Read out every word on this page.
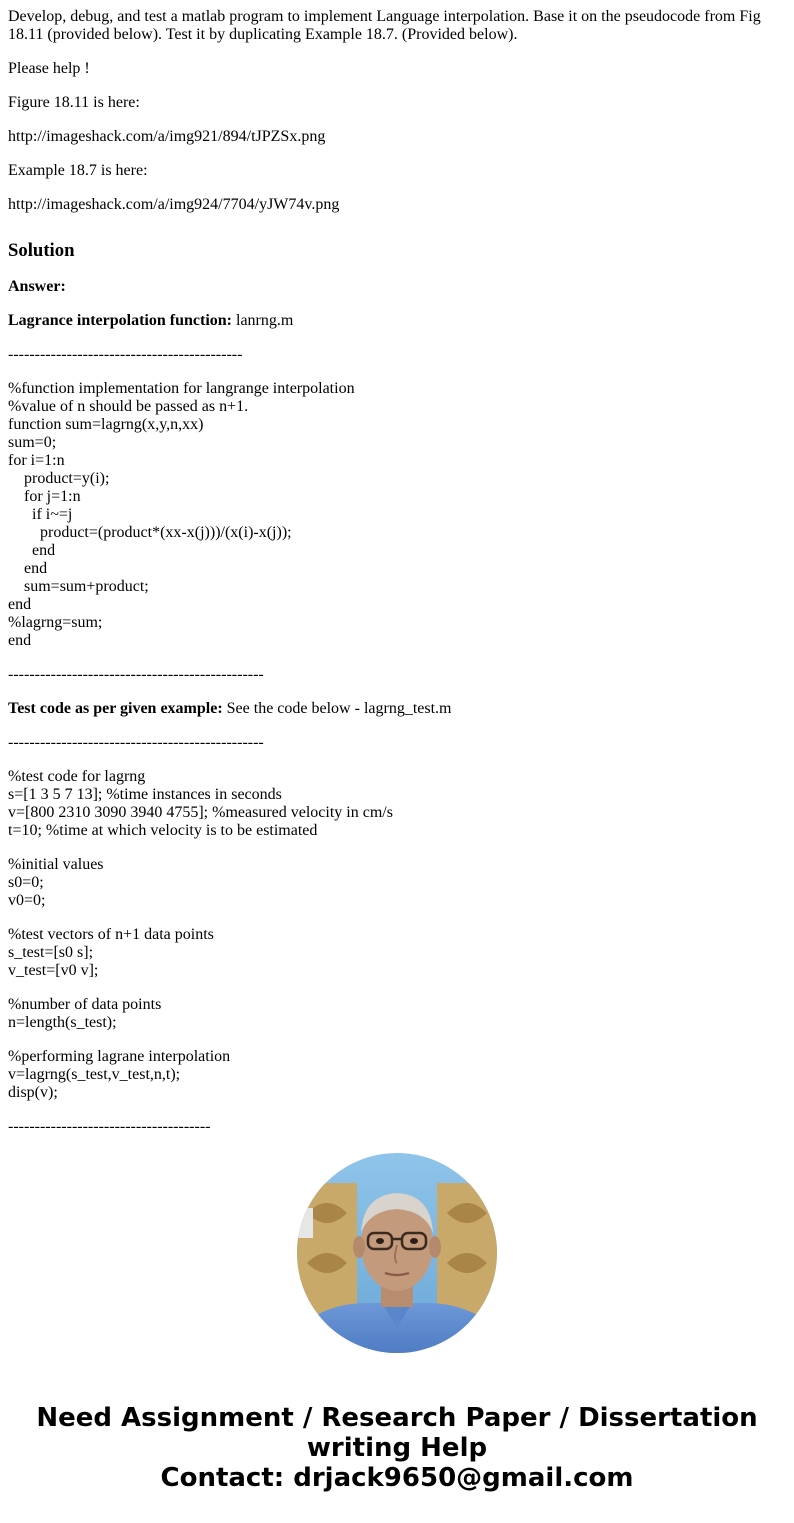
Develop, debug, and test a matlab program to implement Language interpolation. Base it on the pseudocode from Fig
18.11 (provided below). Test it by duplicating Example 18.7. (Provided below).

Please help !

Figure 18.11 is here:

http://imageshack.com/a/img921/894/tJPZSx.png

Example 18.7 is here:

http://imageshack.com/a/img924/7704/yJW74v.png

Solution

Answer:

Lagrance interpolation function: lanrng.m

--------------------------------------------

%function implementation for langrange interpolation
%value of n should be passed as n+1.
function sum=lagrng(x,y,n,xx)
sum=0;
for i=1:n
product=y(i);
for j=1:n
if i~=j
product=(product*(xx-x(j)))/(x(i)-x(j));
end
end
sum=sum+product;
end
%lagrng=sum;
end

------------------------------------------------

Test code as per given example: See the code below - lagrng_test.m

------------------------------------------------

%test code for lagrng
s=[1 3 5 7 13]; %time instances in seconds
v=[800 2310 3090 3940 4755]; %measured velocity in cm/s
t=10; %time at which velocity is to be estimated
%initial values
s0=0;
v0=0;
%test vectors of n+1 data points
s_test=[s0 s];
v_test=[v0 v];
%number of data points
n=length(s_test);
%performing lagrane interpolation
v=lagrng(s_test,v_test,n,t);
disp(v);

--------------------------------------

Need Assignment / Research Paper / Dissertation
writing Help
Contact: drjack9650@gmail.com
